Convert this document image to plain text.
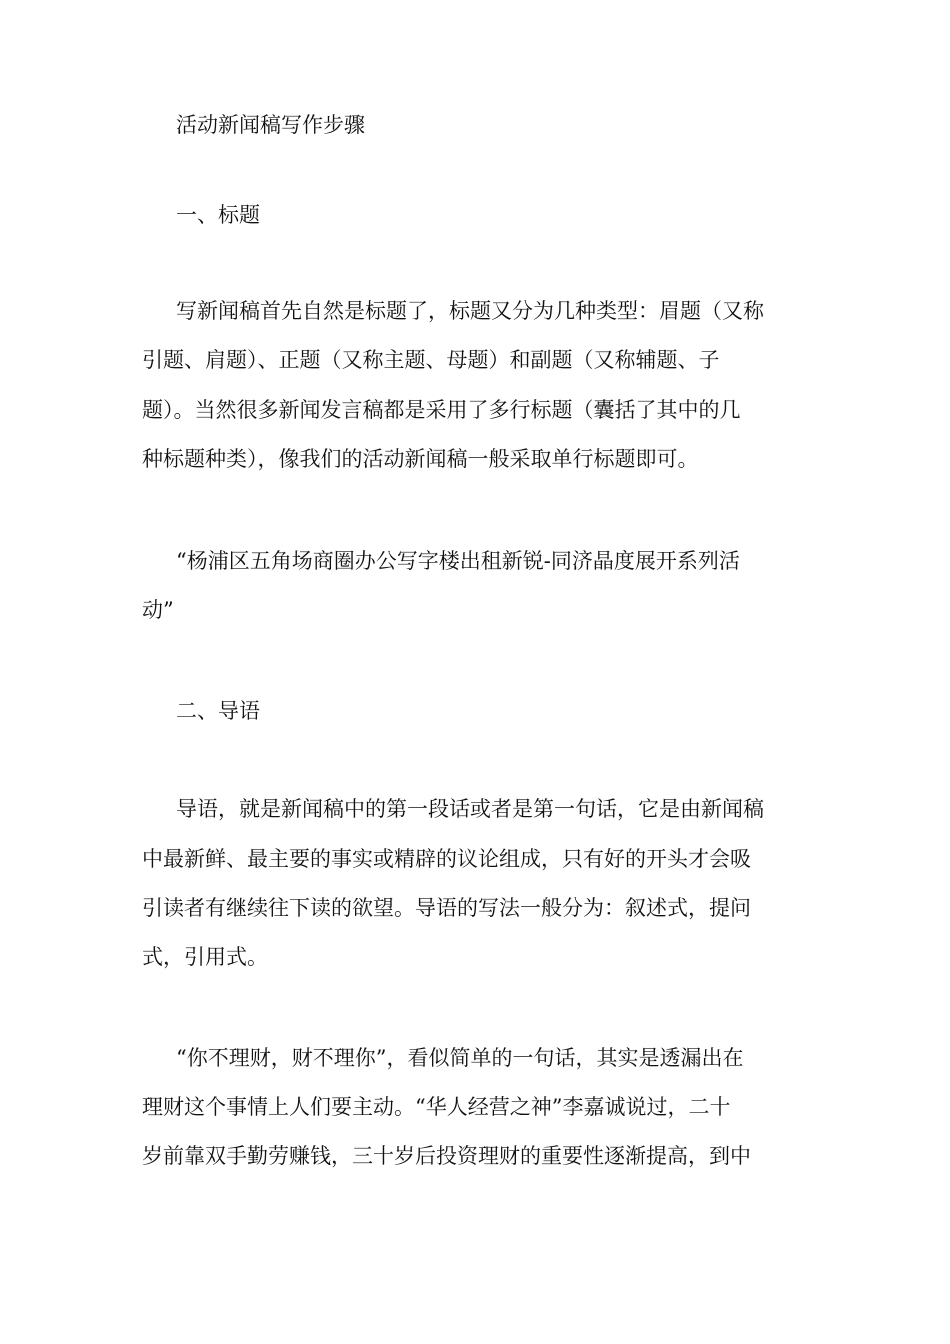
活动新闻稿写作步骤

一、标题

写新闻稿首先自然是标题了，标题又分为几种类型：眉题（又称

引题、肩题）、正题（又称主题、母题）和副题（又称辅题、子

题）。当然很多新闻发言稿都是采用了多行标题（囊括了其中的几

种标题种类），像我们的活动新闻稿一般采取单行标题即可。

“杨浦区五角场商圈办公写字楼出租新锐-同济晶度展开系列活

动”

二、导语

导语，就是新闻稿中的第一段话或者是第一句话，它是由新闻稿

中最新鲜、最主要的事实或精辟的议论组成，只有好的开头才会吸

引读者有继续往下读的欲望。导语的写法一般分为：叙述式，提问

式，引用式。

“你不理财，财不理你”，看似简单的一句话，其实是透漏出在

理财这个事情上人们要主动。“华人经营之神”李嘉诚说过，二十

岁前靠双手勤劳赚钱，三十岁后投资理财的重要性逐渐提高，到中
